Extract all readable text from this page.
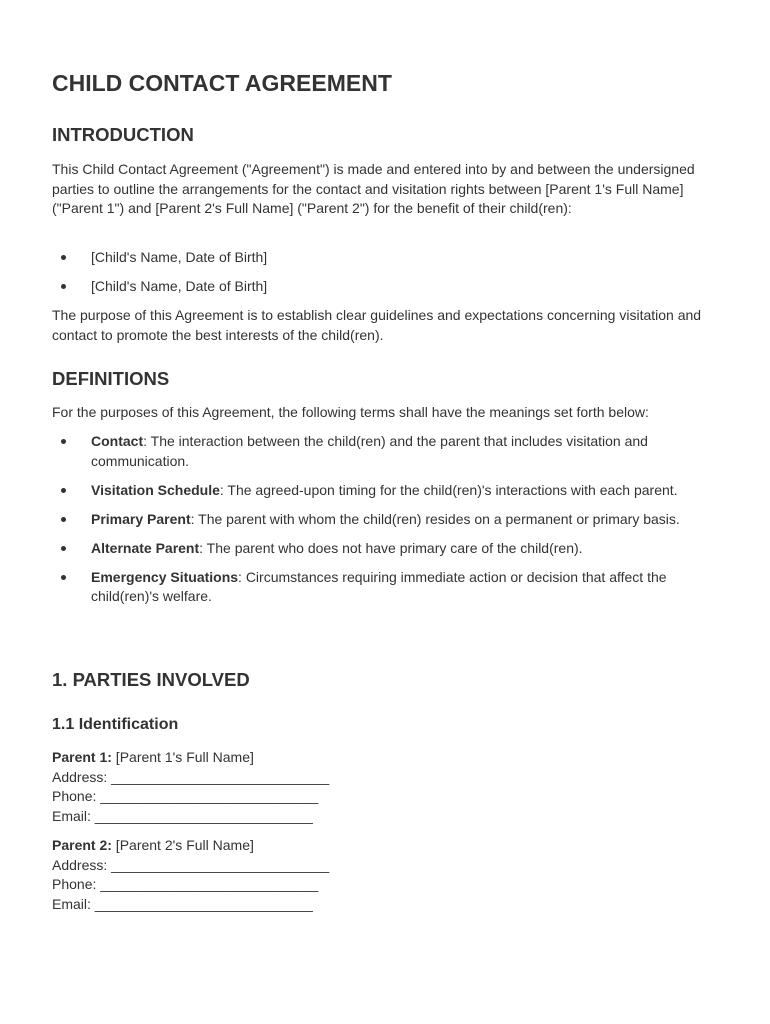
CHILD CONTACT AGREEMENT
INTRODUCTION

This Child Contact Agreement ("Agreement") is made and entered into by and between the undersigned parties to outline the arrangements for the contact and visitation rights between [Parent 1's Full Name] ("Parent 1") and [Parent 2's Full Name] ("Parent 2") for the benefit of their child(ren):

[Child's Name, Date of Birth]
[Child's Name, Date of Birth]

The purpose of this Agreement is to establish clear guidelines and expectations concerning visitation and contact to promote the best interests of the child(ren).

DEFINITIONS

For the purposes of this Agreement, the following terms shall have the meanings set forth below:

Contact: The interaction between the child(ren) and the parent that includes visitation and communication.
Visitation Schedule: The agreed-upon timing for the child(ren)'s interactions with each parent.
Primary Parent: The parent with whom the child(ren) resides on a permanent or primary basis.
Alternate Parent: The parent who does not have primary care of the child(ren).
Emergency Situations: Circumstances requiring immediate action or decision that affect the child(ren)'s welfare.
1. PARTIES INVOLVED
1.1 Identification
Parent 1: [Parent 1's Full Name]
Address: ____________________________
Phone: ____________________________
Email: ____________________________
Parent 2: [Parent 2's Full Name]
Address: ____________________________
Phone: ____________________________
Email: ____________________________
